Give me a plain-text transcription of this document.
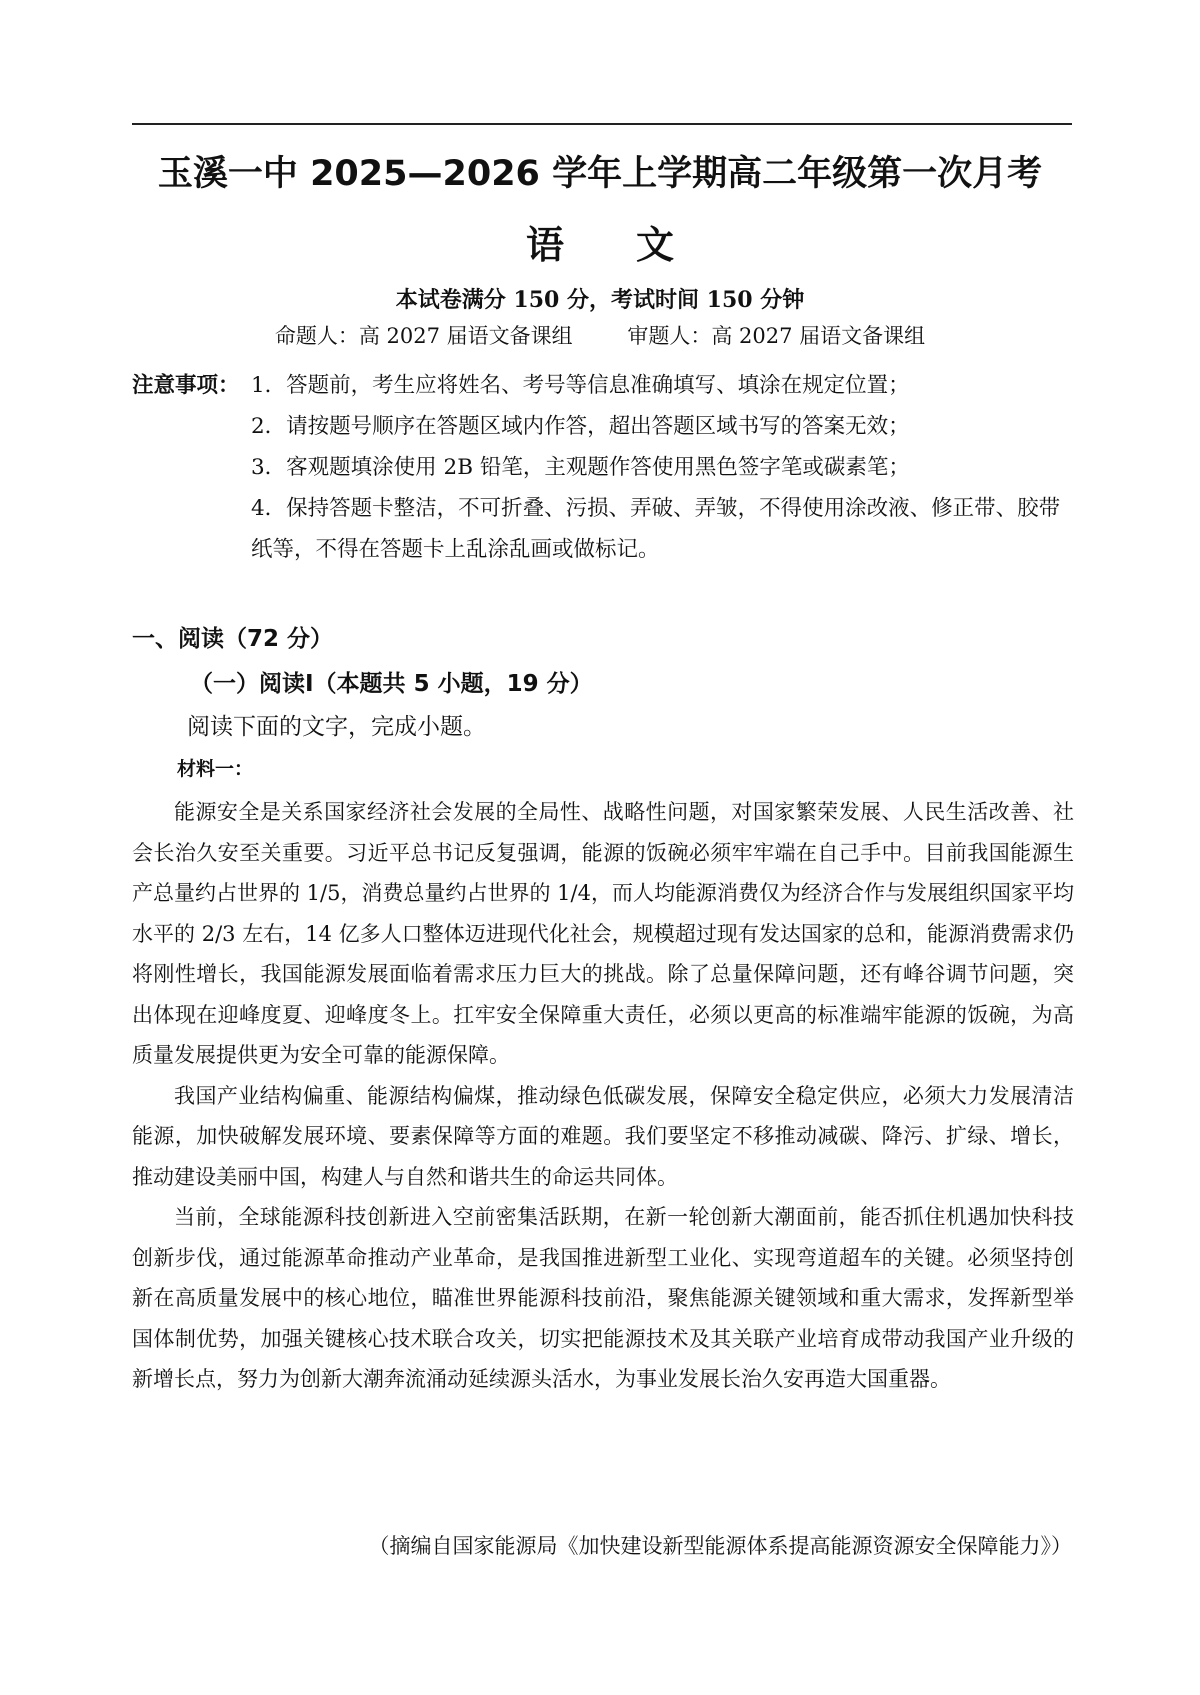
玉溪一中 2025—2026 学年上学期高二年级第一次月考
语文
本试卷满分 150 分，考试时间 150 分钟
命题人：高 2027 届语文备课组	审题人：高 2027 届语文备课组
注意事项： 1．答题前，考生应将姓名、考号等信息准确填写、填涂在规定位置；
2．请按题号顺序在答题区域内作答，超出答题区域书写的答案无效；
3．客观题填涂使用 2B 铅笔，主观题作答使用黑色签字笔或碳素笔；
4．保持答题卡整洁，不可折叠、污损、弄破、弄皱，不得使用涂改液、修正带、胶带纸等，不得在答题卡上乱涂乱画或做标记。
一、阅读（72 分）
（一）阅读Ⅰ（本题共 5 小题，19 分）
阅读下面的文字，完成小题。
材料一：

能源安全是关系国家经济社会发展的全局性、战略性问题，对国家繁荣发展、人民生活改善、社会长治久安至关重要。习近平总书记反复强调，能源的饭碗必须牢牢端在自己手中。目前我国能源生产总量约占世界的 1/5，消费总量约占世界的 1/4，而人均能源消费仅为经济合作与发展组织国家平均水平的 2/3 左右，14 亿多人口整体迈进现代化社会，规模超过现有发达国家的总和，能源消费需求仍将刚性增长，我国能源发展面临着需求压力巨大的挑战。除了总量保障问题，还有峰谷调节问题，突出体现在迎峰度夏、迎峰度冬上。扛牢安全保障重大责任，必须以更高的标准端牢能源的饭碗，为高质量发展提供更为安全可靠的能源保障。

我国产业结构偏重、能源结构偏煤，推动绿色低碳发展，保障安全稳定供应，必须大力发展清洁能源，加快破解发展环境、要素保障等方面的难题。我们要坚定不移推动减碳、降污、扩绿、增长，推动建设美丽中国，构建人与自然和谐共生的命运共同体。

当前，全球能源科技创新进入空前密集活跃期，在新一轮创新大潮面前，能否抓住机遇加快科技创新步伐，通过能源革命推动产业革命，是我国推进新型工业化、实现弯道超车的关键。必须坚持创新在高质量发展中的核心地位，瞄准世界能源科技前沿，聚焦能源关键领域和重大需求，发挥新型举国体制优势，加强关键核心技术联合攻关，切实把能源技术及其关联产业培育成带动我国产业升级的新增长点，努力为创新大潮奔流涌动延续源头活水，为事业发展长治久安再造大国重器。

（摘编自国家能源局《加快建设新型能源体系提高能源资源安全保障能力》）
